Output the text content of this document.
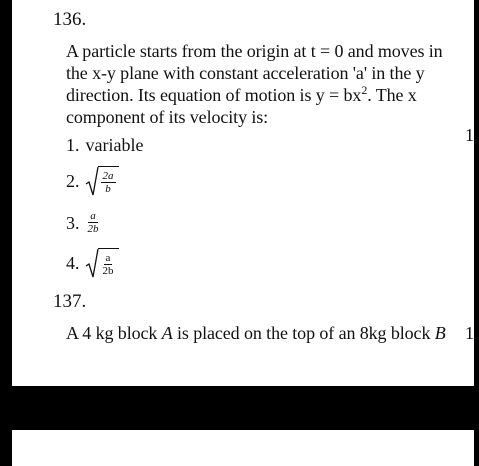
136.
A particle starts from the origin at t = 0 and moves in the x-y plane with constant acceleration 'a' in the y direction. Its equation of motion is $y = bx^2$. The x component of its velocity is:
1. variable
2. $\frac{2a}{b}$
3. $\frac{a}{2b}$
4. $\frac{a}{2b}$
137.
A 4 kg block A is placed on the top of an 8kg block B
1.
1.
